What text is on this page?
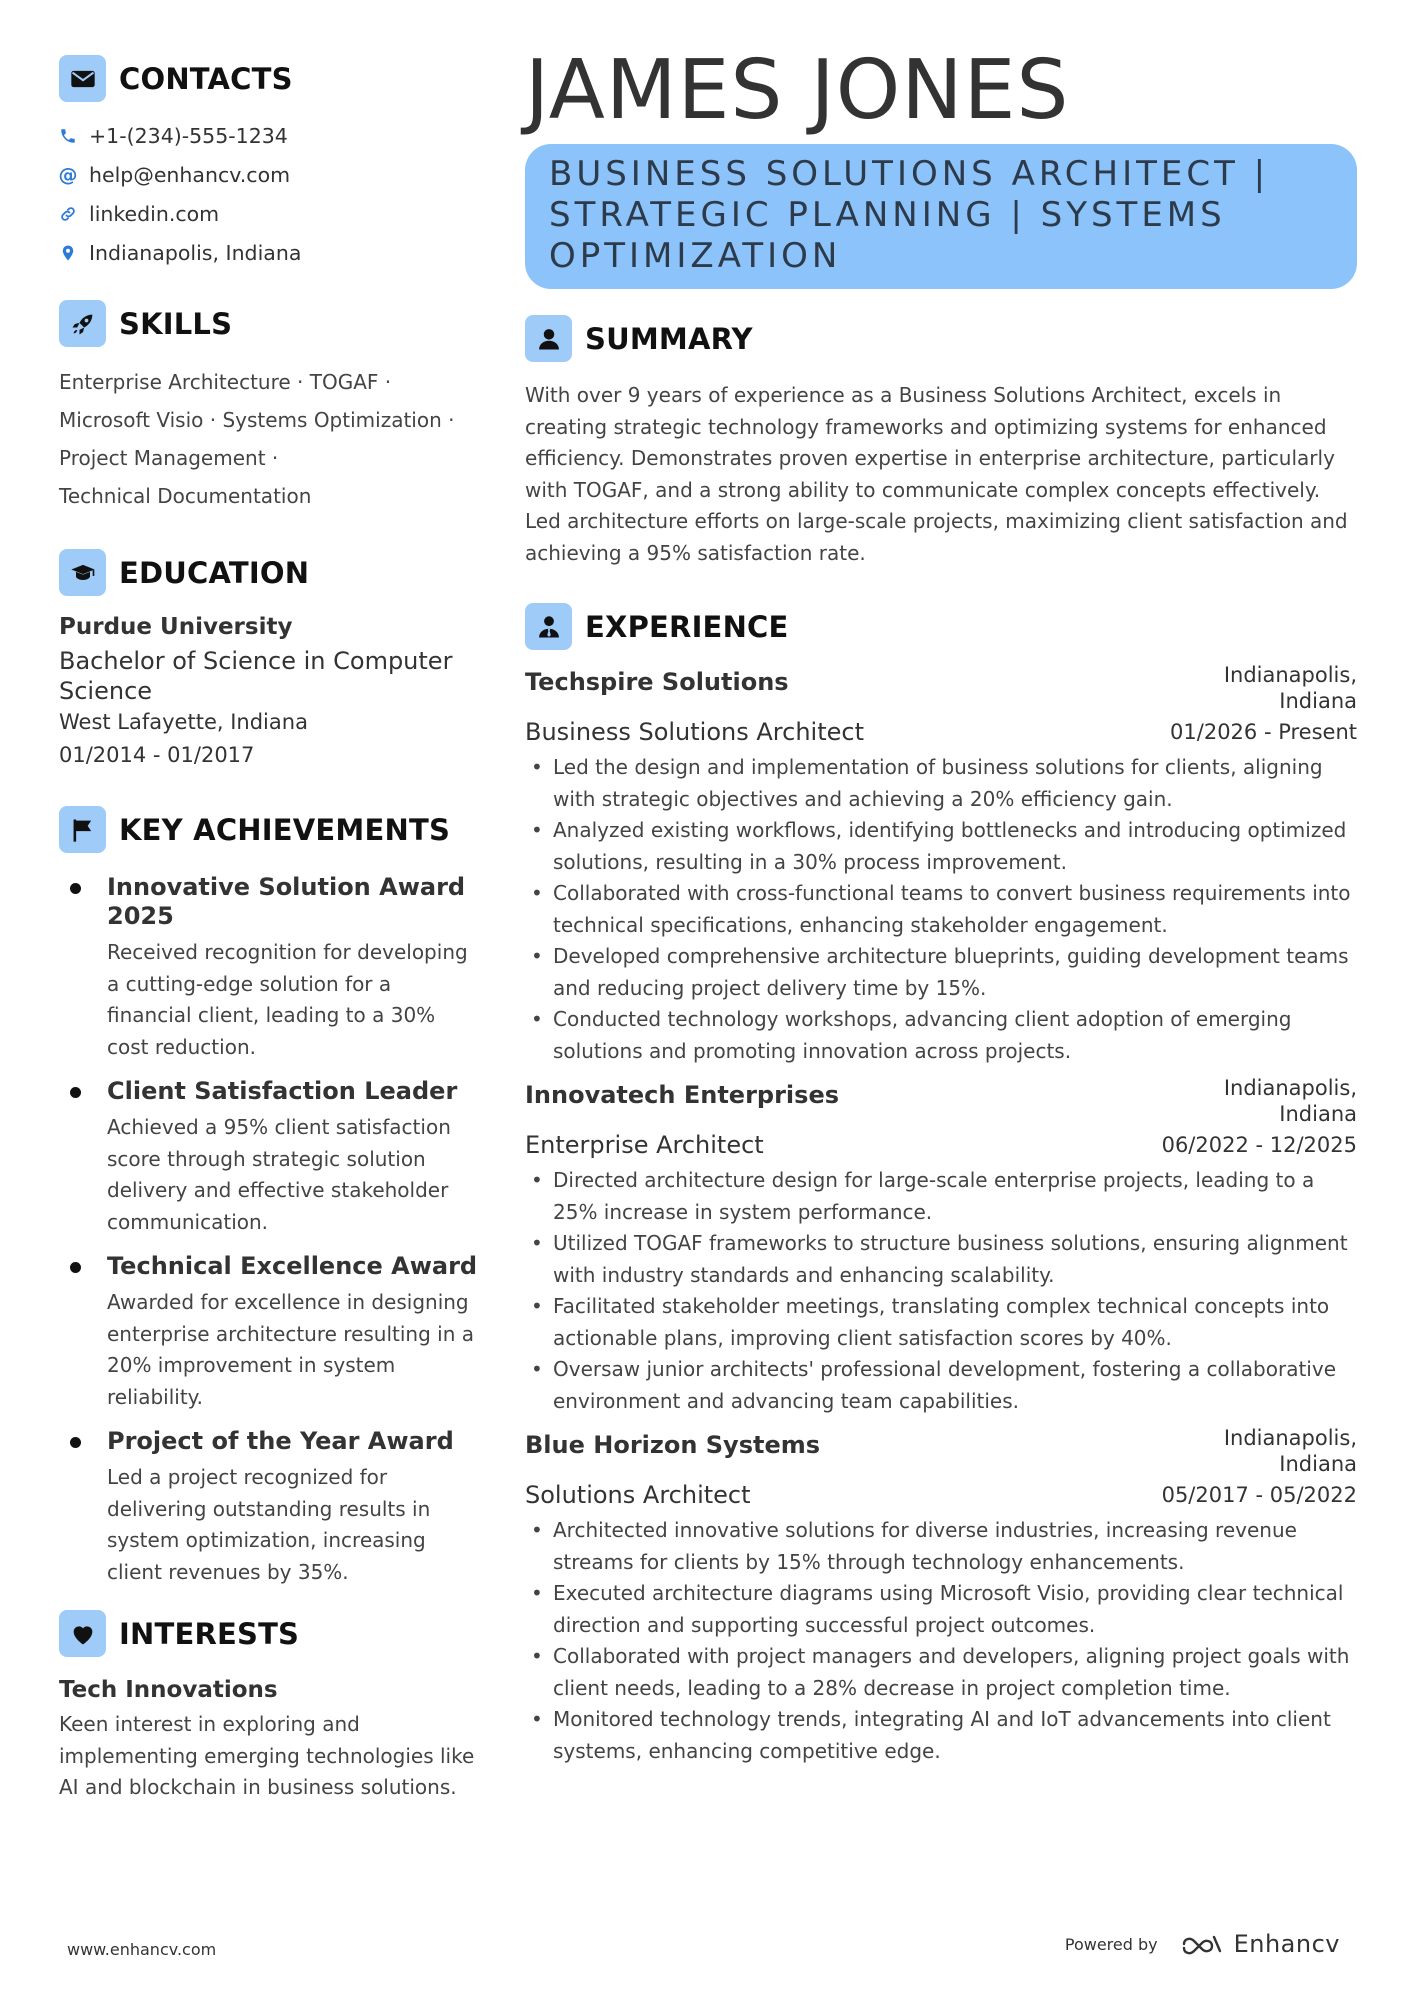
CONTACTS
+1-(234)-555-1234
@ help@enhancv.com
linkedin.com
Indianapolis, Indiana
SKILLS
Enterprise Architecture · TOGAF ·
Microsoft Visio · Systems Optimization ·
Project Management ·
Technical Documentation
EDUCATION
Purdue University
Bachelor of Science in Computer Science
West Lafayette, Indiana
01/2014 - 01/2017
KEY ACHIEVEMENTS
Innovative Solution Award 2025
Received recognition for developing a cutting-edge solution for a financial client, leading to a 30% cost reduction.
Client Satisfaction Leader
Achieved a 95% client satisfaction score through strategic solution delivery and effective stakeholder communication.
Technical Excellence Award
Awarded for excellence in designing enterprise architecture resulting in a 20% improvement in system reliability.
Project of the Year Award
Led a project recognized for delivering outstanding results in system optimization, increasing client revenues by 35%.
INTERESTS
Tech Innovations
Keen interest in exploring and implementing emerging technologies like AI and blockchain in business solutions.
JAMES JONES
BUSINESS SOLUTIONS ARCHITECT | STRATEGIC PLANNING | SYSTEMS OPTIMIZATION
SUMMARY
With over 9 years of experience as a Business Solutions Architect, excels in creating strategic technology frameworks and optimizing systems for enhanced efficiency. Demonstrates proven expertise in enterprise architecture, particularly with TOGAF, and a strong ability to communicate complex concepts effectively. Led architecture efforts on large-scale projects, maximizing client satisfaction and achieving a 95% satisfaction rate.
EXPERIENCE
Techspire Solutions	Indianapolis, Indiana
Business Solutions Architect	01/2026 - Present
• Led the design and implementation of business solutions for clients, aligning with strategic objectives and achieving a 20% efficiency gain.
• Analyzed existing workflows, identifying bottlenecks and introducing optimized solutions, resulting in a 30% process improvement.
• Collaborated with cross-functional teams to convert business requirements into technical specifications, enhancing stakeholder engagement.
• Developed comprehensive architecture blueprints, guiding development teams and reducing project delivery time by 15%.
• Conducted technology workshops, advancing client adoption of emerging solutions and promoting innovation across projects.
Innovatech Enterprises	Indianapolis, Indiana
Enterprise Architect	06/2022 - 12/2025
• Directed architecture design for large-scale enterprise projects, leading to a 25% increase in system performance.
• Utilized TOGAF frameworks to structure business solutions, ensuring alignment with industry standards and enhancing scalability.
• Facilitated stakeholder meetings, translating complex technical concepts into actionable plans, improving client satisfaction scores by 40%.
• Oversaw junior architects' professional development, fostering a collaborative environment and advancing team capabilities.
Blue Horizon Systems	Indianapolis, Indiana
Solutions Architect	05/2017 - 05/2022
• Architected innovative solutions for diverse industries, increasing revenue streams for clients by 15% through technology enhancements.
• Executed architecture diagrams using Microsoft Visio, providing clear technical direction and supporting successful project outcomes.
• Collaborated with project managers and developers, aligning project goals with client needs, leading to a 28% decrease in project completion time.
• Monitored technology trends, integrating AI and IoT advancements into client systems, enhancing competitive edge.
www.enhancv.com	Powered by	Enhancv
